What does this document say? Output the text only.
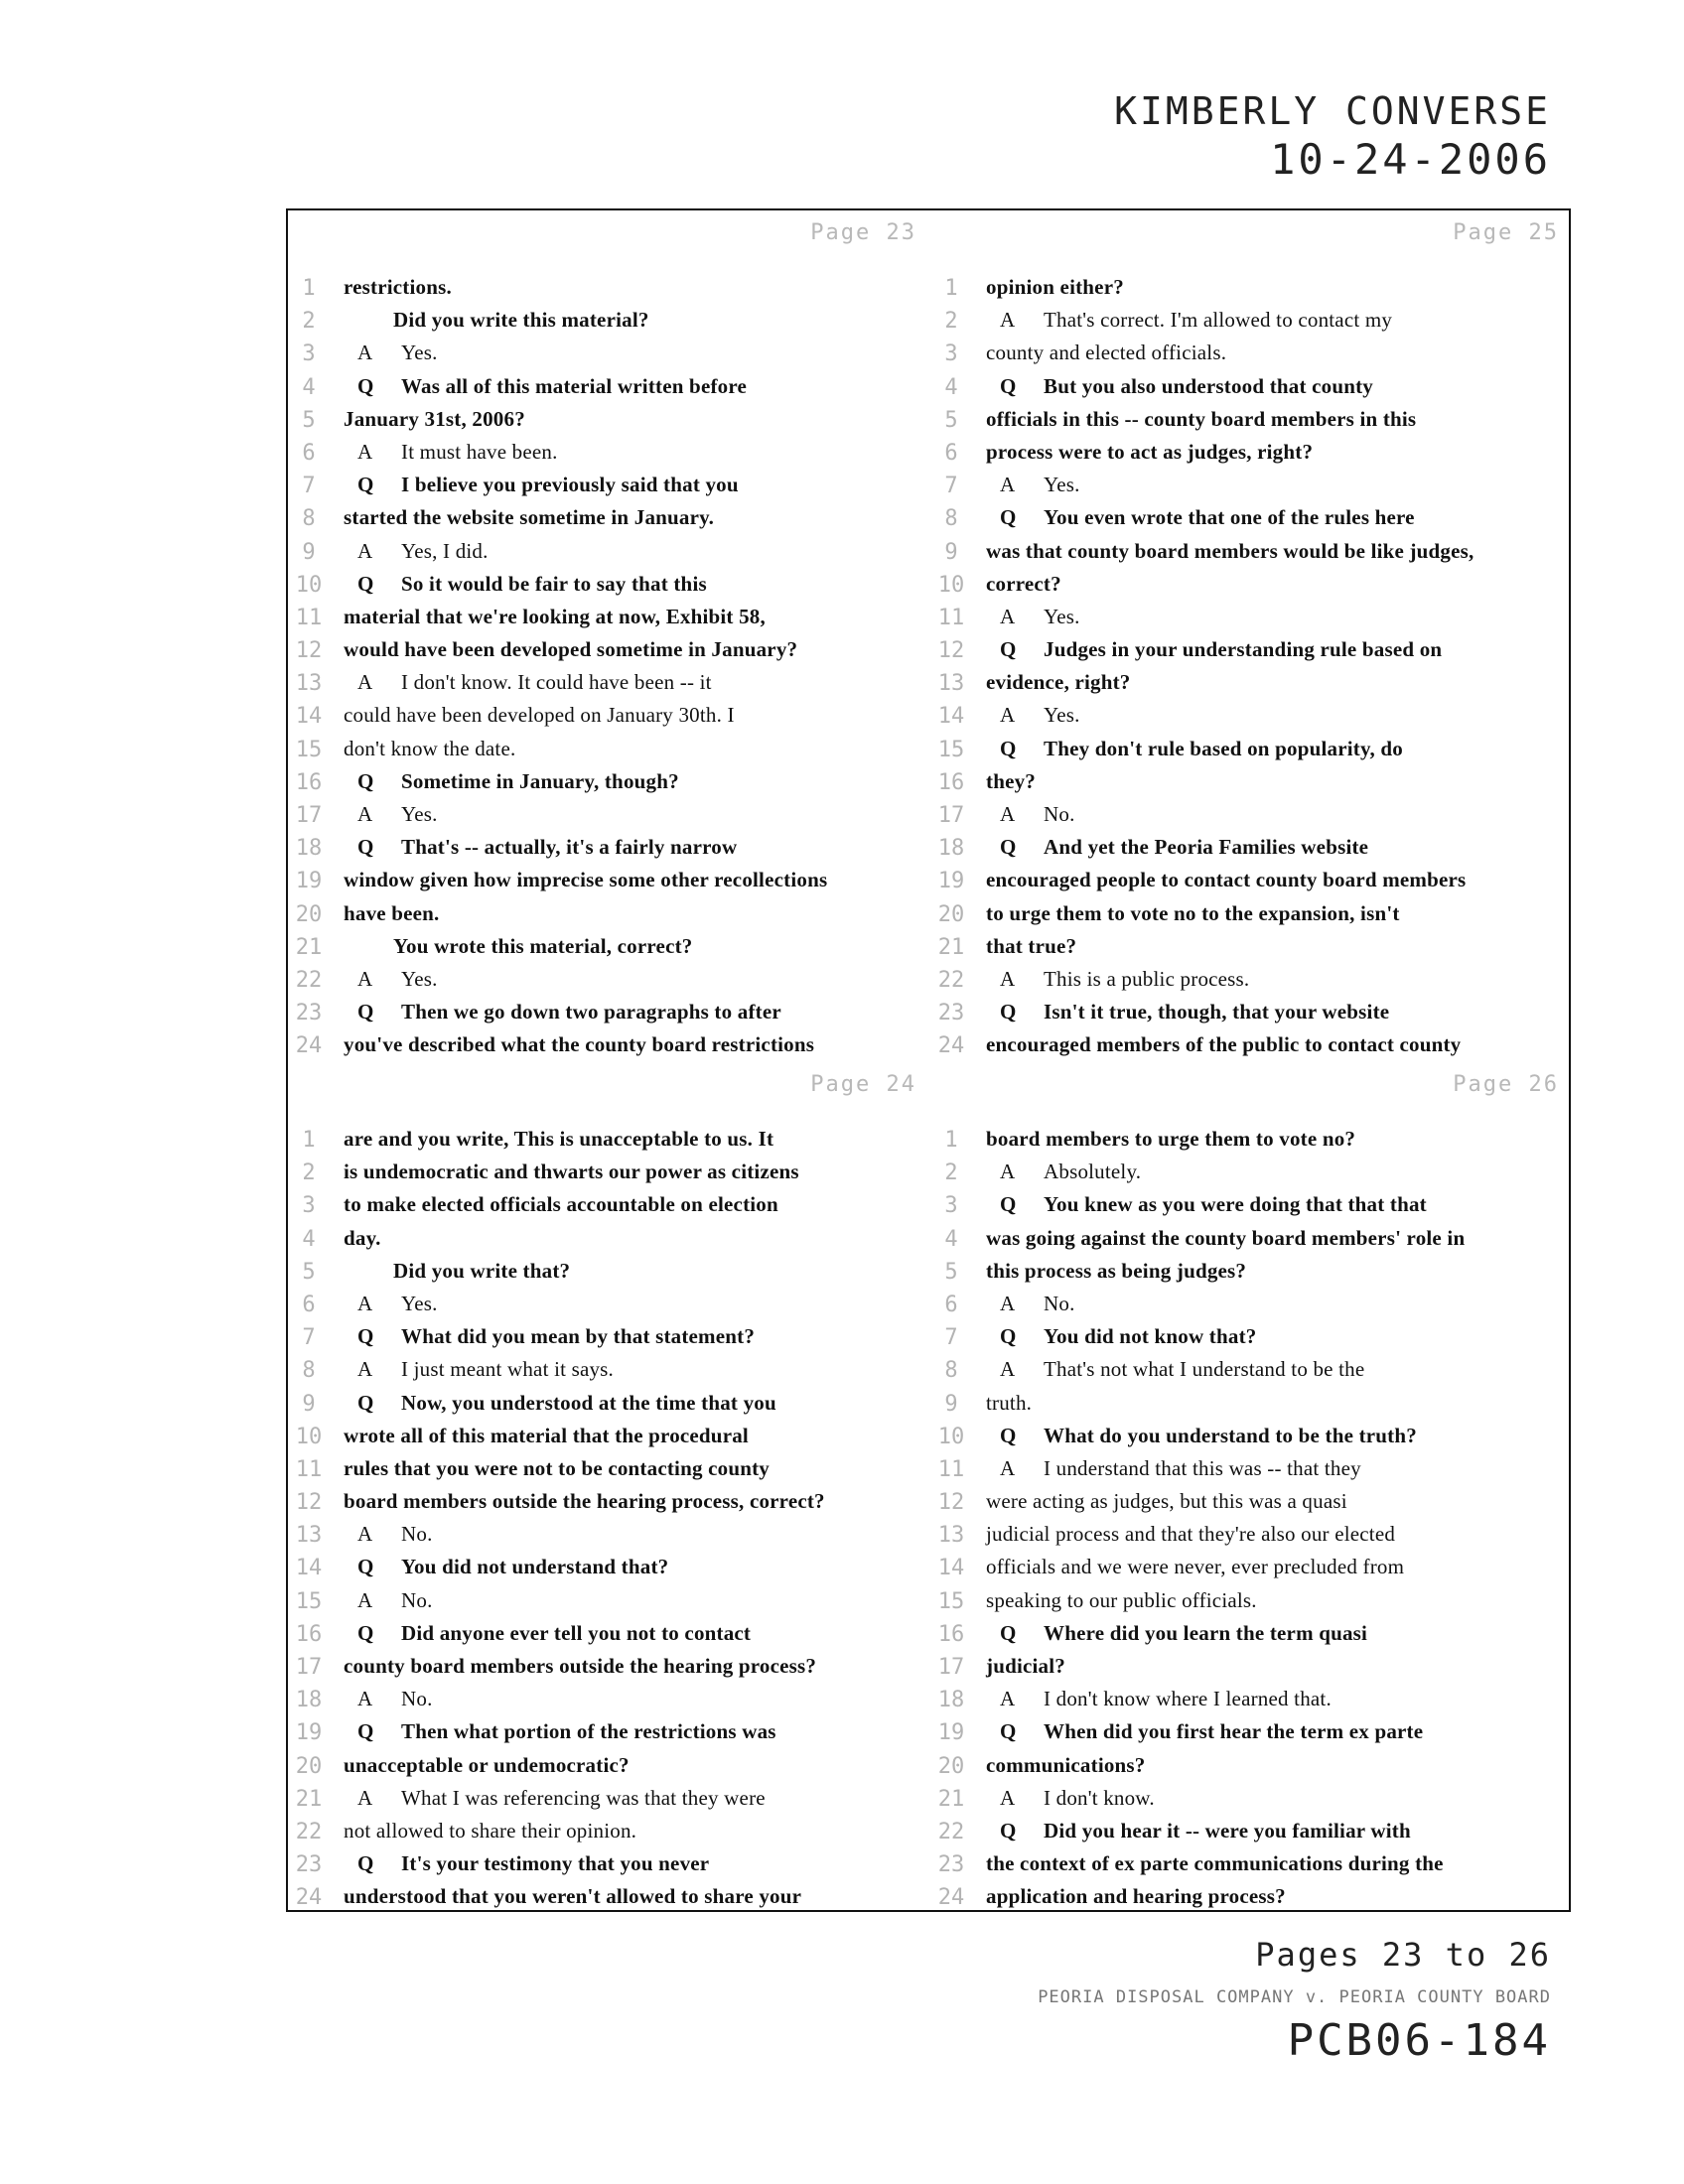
KIMBERLY CONVERSE
10-24-2006
Page 23
1	restrictions.
2	Did you write this material?
3	A Yes.
4	Q Was all of this material written before
5	January 31st, 2006?
6	A It must have been.
7	Q I believe you previously said that you
8	started the website sometime in January.
9	A Yes, I did.
10 Q So it would be fair to say that this
11 material that we're looking at now, Exhibit 58,
12 would have been developed sometime in January?
13 A I don't know. It could have been -- it
14 could have been developed on January 30th. I
15 don't know the date.
16 Q Sometime in January, though?
17 A Yes.
18 Q That's -- actually, it's a fairly narrow
19 window given how imprecise some other recollections
20 have been.
21	You wrote this material, correct?
22 A Yes.
23 Q Then we go down two paragraphs to after
24 you've described what the county board restrictions
Page 25
1	opinion either?
2	A That's correct. I'm allowed to contact my
3	county and elected officials.
4	Q But you also understood that county
5	officials in this -- county board members in this
6	process were to act as judges, right?
7	A Yes.
8	Q You even wrote that one of the rules here
9	was that county board members would be like judges,
10 correct?
11 A Yes.
12 Q Judges in your understanding rule based on
13 evidence, right?
14 A Yes.
15 Q They don't rule based on popularity, do
16 they?
17 A No.
18 Q And yet the Peoria Families website
19 encouraged people to contact county board members
20 to urge them to vote no to the expansion, isn't
21 that true?
22 A This is a public process.
23 Q Isn't it true, though, that your website
24 encouraged members of the public to contact county
Page 24
1	are and you write, This is unacceptable to us. It
2	is undemocratic and thwarts our power as citizens
3	to make elected officials accountable on election
4	day.
5	Did you write that?
6	A Yes.
7	Q What did you mean by that statement?
8	A I just meant what it says.
9	Q Now, you understood at the time that you
10 wrote all of this material that the procedural
11 rules that you were not to be contacting county
12 board members outside the hearing process, correct?
13 A No.
14 Q You did not understand that?
15 A No.
16 Q Did anyone ever tell you not to contact
17 county board members outside the hearing process?
18 A No.
19 Q Then what portion of the restrictions was
20 unacceptable or undemocratic?
21 A What I was referencing was that they were
22 not allowed to share their opinion.
23 Q It's your testimony that you never
24 understood that you weren't allowed to share your
Page 26
1	board members to urge them to vote no?
2	A Absolutely.
3	Q You knew as you were doing that that that
4	was going against the county board members' role in
5	this process as being judges?
6	A No.
7	Q You did not know that?
8	A That's not what I understand to be the
9	truth.
10 Q What do you understand to be the truth?
11 A I understand that this was -- that they
12 were acting as judges, but this was a quasi
13 judicial process and that they're also our elected
14 officials and we were never, ever precluded from
15 speaking to our public officials.
16 Q Where did you learn the term quasi
17 judicial?
18 A I don't know where I learned that.
19 Q When did you first hear the term ex parte
20 communications?
21 A I don't know.
22 Q Did you hear it -- were you familiar with
23 the context of ex parte communications during the
24 application and hearing process?
Pages 23 to 26
PEORIA DISPOSAL COMPANY v. PEORIA COUNTY BOARD
PCB06-184
